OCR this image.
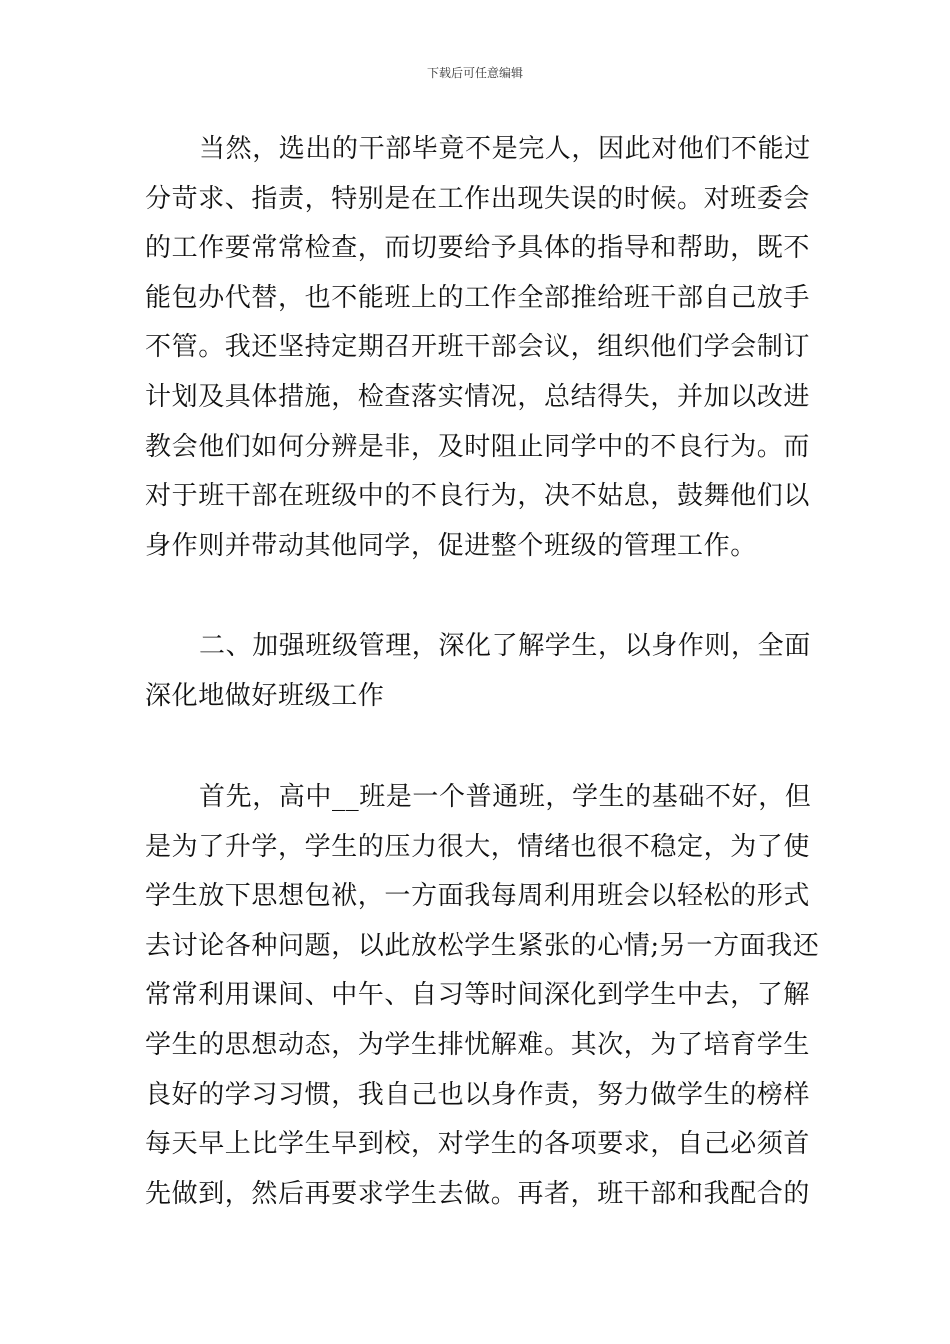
下载后可任意编辑
当然，选出的干部毕竟不是完人，因此对他们不能过
分苛求、指责，特别是在工作出现失误的时候。对班委会
的工作要常常检查，而切要给予具体的指导和帮助，既不
能包办代替，也不能班上的工作全部推给班干部自己放手
不管。我还坚持定期召开班干部会议，组织他们学会制订
计划及具体措施，检查落实情况，总结得失，并加以改进
教会他们如何分辨是非，及时阻止同学中的不良行为。而
对于班干部在班级中的不良行为，决不姑息，鼓舞他们以
身作则并带动其他同学，促进整个班级的管理工作。
二、加强班级管理，深化了解学生，以身作则，全面
深化地做好班级工作
首先，高中__班是一个普通班，学生的基础不好，但
是为了升学，学生的压力很大，情绪也很不稳定，为了使
学生放下思想包袱，一方面我每周利用班会以轻松的形式
去讨论各种问题，以此放松学生紧张的心情;另一方面我还
常常利用课间、中午、自习等时间深化到学生中去，了解
学生的思想动态，为学生排忧解难。其次，为了培育学生
良好的学习习惯，我自己也以身作责，努力做学生的榜样
每天早上比学生早到校，对学生的各项要求，自己必须首
先做到，然后再要求学生去做。再者，班干部和我配合的
